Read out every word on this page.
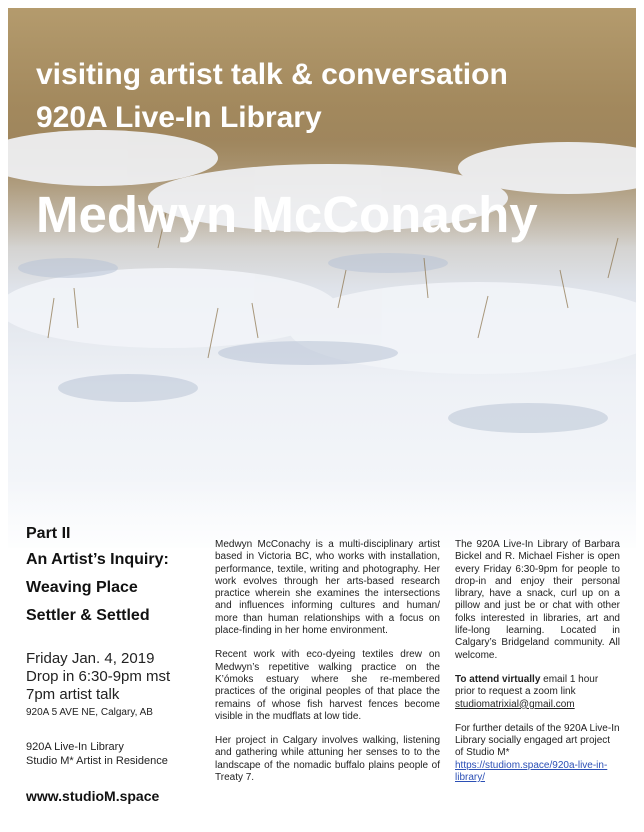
visiting artist talk & conversation
920A Live-In Library
Medwyn McConachy
Part II
An Artist’s Inquiry:
Weaving Place
Settler & Settled
Friday Jan. 4, 2019
Drop in 6:30-9pm mst
7pm artist talk
920A 5 AVE NE, Calgary, AB
920A Live-In Library
Studio M* Artist in Residence
www.studioM.space

Medwyn McConachy is a multi-disciplinary artist based in Victoria BC, who works with installation, performance, textile, writing and photography. Her work evolves through her arts-based research practice wherein she examines the intersections and influences informing cultures and human/ more than human relationships with a focus on place-finding in her home environment.

Recent work with eco-dyeing textiles drew on Medwyn’s repetitive walking practice on the K’ómoks estuary where she re-membered practices of the original peoples of that place the remains of whose fish harvest fences become visible in the mudflats at low tide.

Her project in Calgary involves walking, listening and gathering while attuning her senses to to the landscape of the nomadic buffalo plains people of Treaty 7.

The 920A Live-In Library of Barbara Bickel and R. Michael Fisher is open every Friday 6:30-9pm for people to drop-in and enjoy their personal library, have a snack, curl up on a pillow and just be or chat with other folks interested in libraries, art and life-long learning. Located in Calgary’s Bridgeland community. All welcome.

To attend virtually email 1 hour prior to request a zoom link
studiomatrixial@gmail.com

For further details of the 920A Live-In Library socially engaged art project of Studio M* https://studiom.space/920a-live-in-library/
